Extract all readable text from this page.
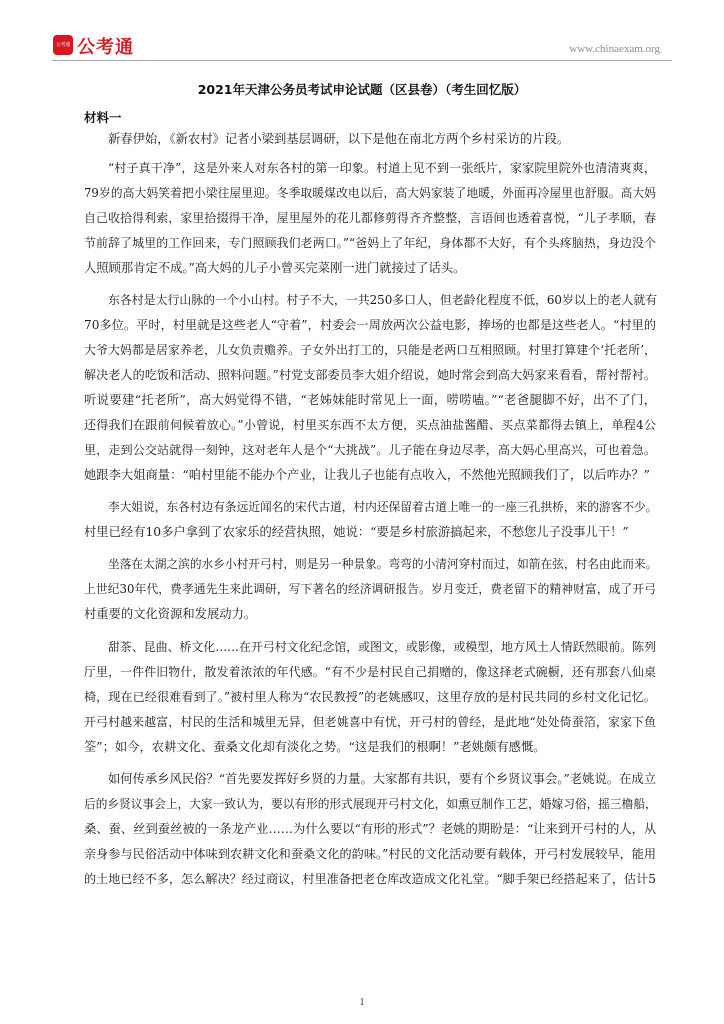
公考通 公考通	www.chinaexam.org
2021年天津公务员考试申论试题（区县卷）（考生回忆版）
材料一
新春伊始，《新农村》记者小梁到基层调研，以下是他在南北方两个乡村采访的片段。
“村子真干净”，这是外来人对东各村的第一印象。村道上见不到一张纸片，家家院里院外也清清爽爽，
79岁的高大妈笑着把小梁往屋里迎。冬季取暖煤改电以后，高大妈家装了地暖，外面再冷屋里也舒服。高大妈
自己收拾得利索，家里拾掇得干净，屋里屋外的花儿都修剪得齐齐整整，言语间也透着喜悦，“儿子孝顺，春
节前辞了城里的工作回来，专门照顾我们老两口。”“爸妈上了年纪，身体都不大好，有个头疼脑热，身边没个
人照顾那肯定不成。”高大妈的儿子小曾买完菜刚一进门就接过了话头。
东各村是太行山脉的一个小山村。村子不大，一共250多口人，但老龄化程度不低，60岁以上的老人就有
70多位。平时，村里就是这些老人“守着”，村委会一周放两次公益电影，捧场的也都是这些老人。“村里的
大爷大妈都是居家养老，儿女负责赡养。子女外出打工的，只能是老两口互相照顾。村里打算建个‘托老所’，
解决老人的吃饭和活动、照料问题。”村党支部委员李大姐介绍说，她时常会到高大妈家来看看，帮衬帮衬。
听说要建“托老所”，高大妈觉得不错，“老姊妹能时常见上一面，唠唠嗑。”“老爸腿脚不好，出不了门，
还得我们在跟前伺候着放心。”小曾说，村里买东西不太方便，买点油盐酱醋、买点菜都得去镇上，单程4公
里，走到公交站就得一刻钟，这对老年人是个“大挑战”。儿子能在身边尽孝，高大妈心里高兴，可也着急。
她跟李大姐商量：“咱村里能不能办个产业，让我儿子也能有点收入，不然他光照顾我们了，以后咋办？”
李大姐说，东各村边有条远近闻名的宋代古道，村内还保留着古道上唯一的一座三孔拱桥，来的游客不少。
村里已经有10多户拿到了农家乐的经营执照，她说：“要是乡村旅游搞起来，不愁您儿子没事儿干！”
坐落在太湖之滨的水乡小村开弓村，则是另一种景象。弯弯的小清河穿村而过，如箭在弦，村名由此而来。
上世纪30年代，费孝通先生来此调研，写下著名的经济调研报告。岁月变迁，费老留下的精神财富，成了开弓
村重要的文化资源和发展动力。
甜茶、昆曲、桥文化……在开弓村文化纪念馆，或图文，或影像，或模型，地方风土人情跃然眼前。陈列
厅里，一件件旧物什，散发着浓浓的年代感。“有不少是村民自己捐赠的，像这择老式碗橱，还有那套八仙桌
椅，现在已经很难看到了。”被村里人称为“农民教授”的老姚感叹，这里存放的是村民共同的乡村文化记忆。
开弓村越来越富，村民的生活和城里无异，但老姚喜中有忧，开弓村的曾经，是此地“处处倚蚕箔，家家下鱼
筌”；如今，农耕文化、蚕桑文化却有淡化之势。“这是我们的根啊！”老姚颇有感慨。
如何传承乡风民俗？“首先要发挥好乡贤的力量。大家都有共识，要有个乡贤议事会。”老姚说。在成立
后的乡贤议事会上，大家一致认为，要以有形的形式展现开弓村文化，如熏豆制作工艺，婚嫁习俗，摇三橹船，
桑、蚕、丝到蚕丝被的一条龙产业……为什么要以“有形的形式”？老姚的期盼是：“让来到开弓村的人，从
亲身参与民俗活动中体味到农耕文化和蚕桑文化的韵味。”村民的文化活动要有载体，开弓村发展较早，能用
的土地已经不多，怎么解决？经过商议，村里准备把老仓库改造成文化礼堂。“脚手架已经搭起来了，估计5
1
